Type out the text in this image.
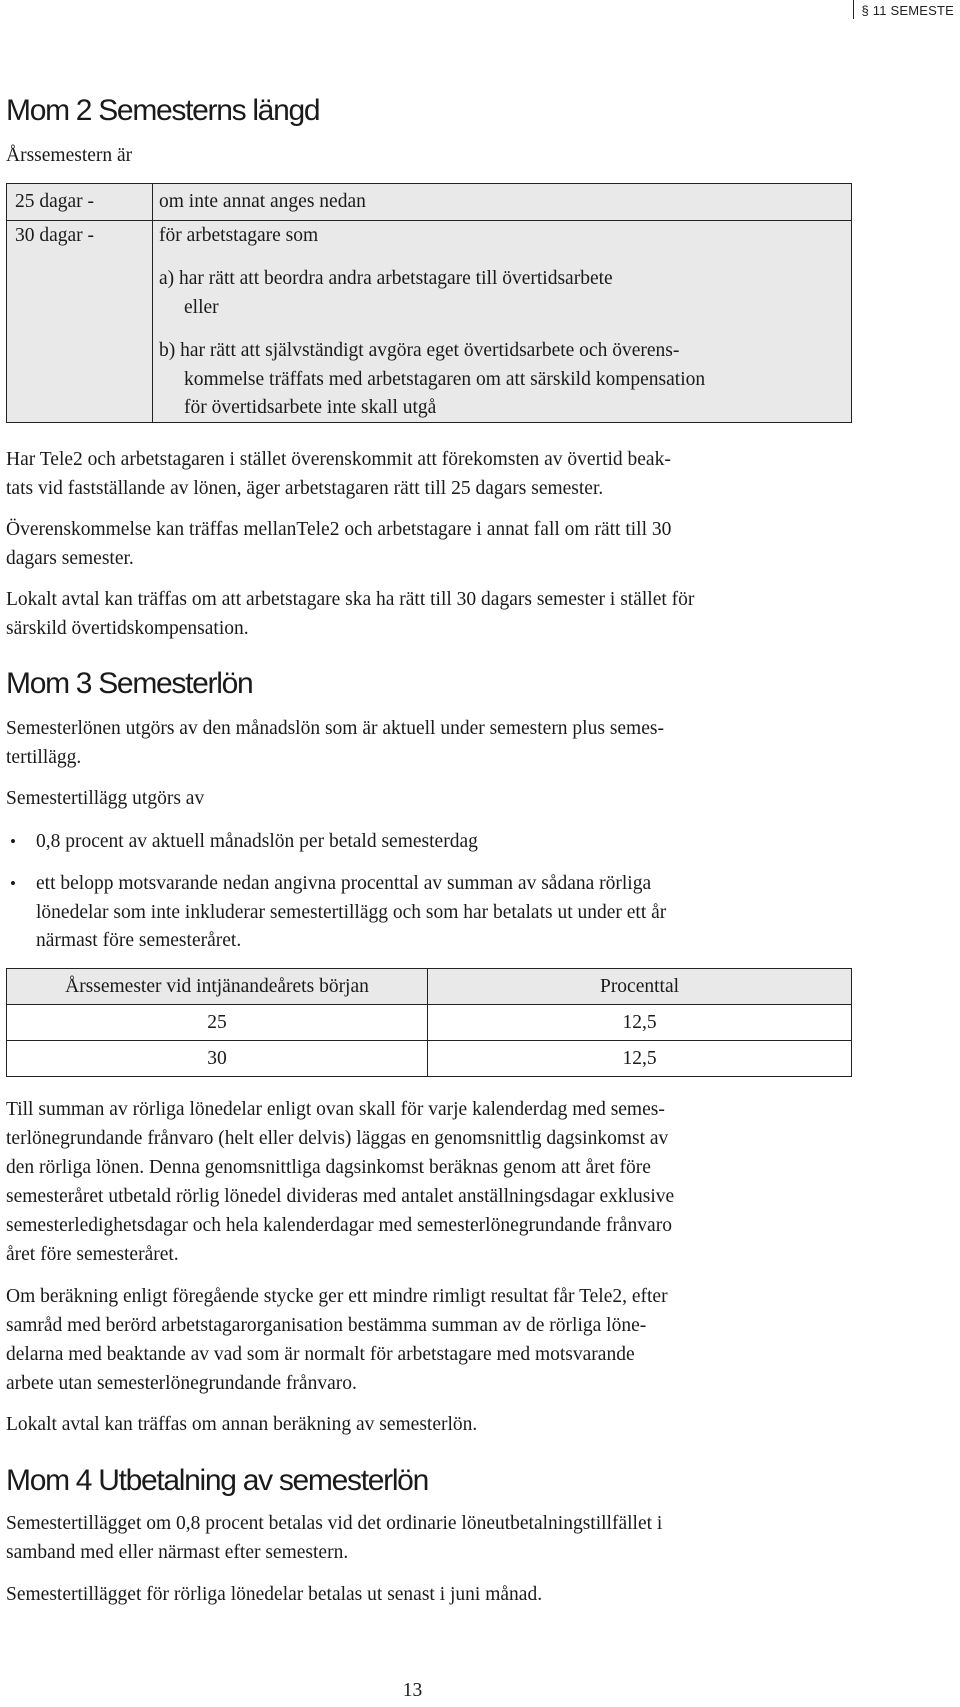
§ 11 SEMESTE
Mom 2 Semesterns längd
Årssemestern är
25 dagar -	om inte annat anges nedan
30 dagar -	för arbetstagare som
a) har rätt att beordra andra arbetstagare till övertidsarbete
eller
b) har rätt att självständigt avgöra eget övertidsarbete och överens-
kommelse träffats med arbetstagaren om att särskild kompensation
för övertidsarbete inte skall utgå
Har Tele2 och arbetstagaren i stället överenskommit att förekomsten av övertid beak-
tats vid fastställande av lönen, äger arbetstagaren rätt till 25 dagars semester.
Överenskommelse kan träffas mellanTele2 och arbetstagare i annat fall om rätt till 30
dagars semester.
Lokalt avtal kan träffas om att arbetstagare ska ha rätt till 30 dagars semester i stället för
särskild övertidskompensation.
Mom 3 Semesterlön
Semesterlönen utgörs av den månadslön som är aktuell under semestern plus semes-
tertillägg.
Semestertillägg utgörs av
• 0,8 procent av aktuell månadslön per betald semesterdag
• ett belopp motsvarande nedan angivna procenttal av summan av sådana rörliga
lönedelar som inte inkluderar semestertillägg och som har betalats ut under ett år
närmast före semesteråret.
Årssemester vid intjänandeårets början	Procenttal
25	12,5
30	12,5
Till summan av rörliga lönedelar enligt ovan skall för varje kalenderdag med semes-
terlönegrundande frånvaro (helt eller delvis) läggas en genomsnittlig dagsinkomst av
den rörliga lönen. Denna genomsnittliga dagsinkomst beräknas genom att året före
semesteråret utbetald rörlig lönedel divideras med antalet anställningsdagar exklusive
semesterledighetsdagar och hela kalenderdagar med semesterlönegrundande frånvaro
året före semesteråret.
Om beräkning enligt föregående stycke ger ett mindre rimligt resultat får Tele2, efter
samråd med berörd arbetstagarorganisation bestämma summan av de rörliga löne-
delarna med beaktande av vad som är normalt för arbetstagare med motsvarande
arbete utan semesterlönegrundande frånvaro.
Lokalt avtal kan träffas om annan beräkning av semesterlön.
Mom 4 Utbetalning av semesterlön
Semestertillägget om 0,8 procent betalas vid det ordinarie löneutbetalningstillfället i
samband med eller närmast efter semestern.
Semestertillägget för rörliga lönedelar betalas ut senast i juni månad.
13
